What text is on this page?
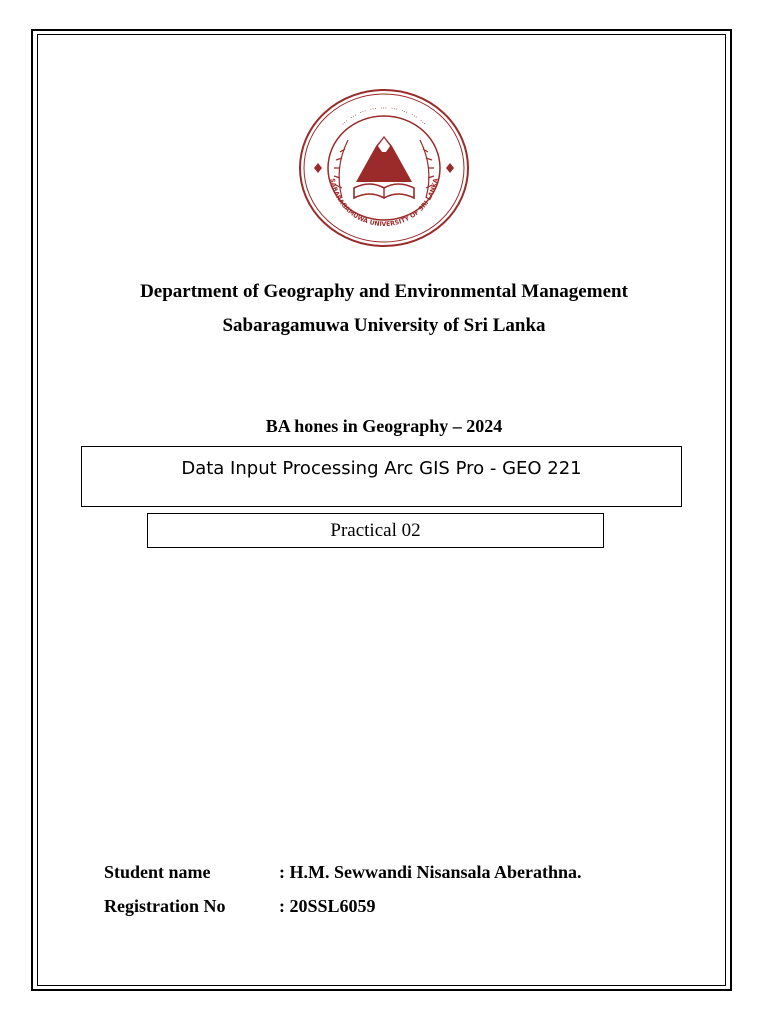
⋯ ⋯ ⋯ ⋯ ⋯ ⋯ ⋯ ⋯ ⋯
SABARAGAMUWA UNIVERSITY OF SRI LANKA
Department of Geography and Environmental Management
Sabaragamuwa University of Sri Lanka
BA hones in Geography – 2024
Data Input Processing Arc GIS Pro - GEO 221
Practical 02
Student name	: H.M. Sewwandi Nisansala Aberathna.
Registration No	: 20SSL6059
